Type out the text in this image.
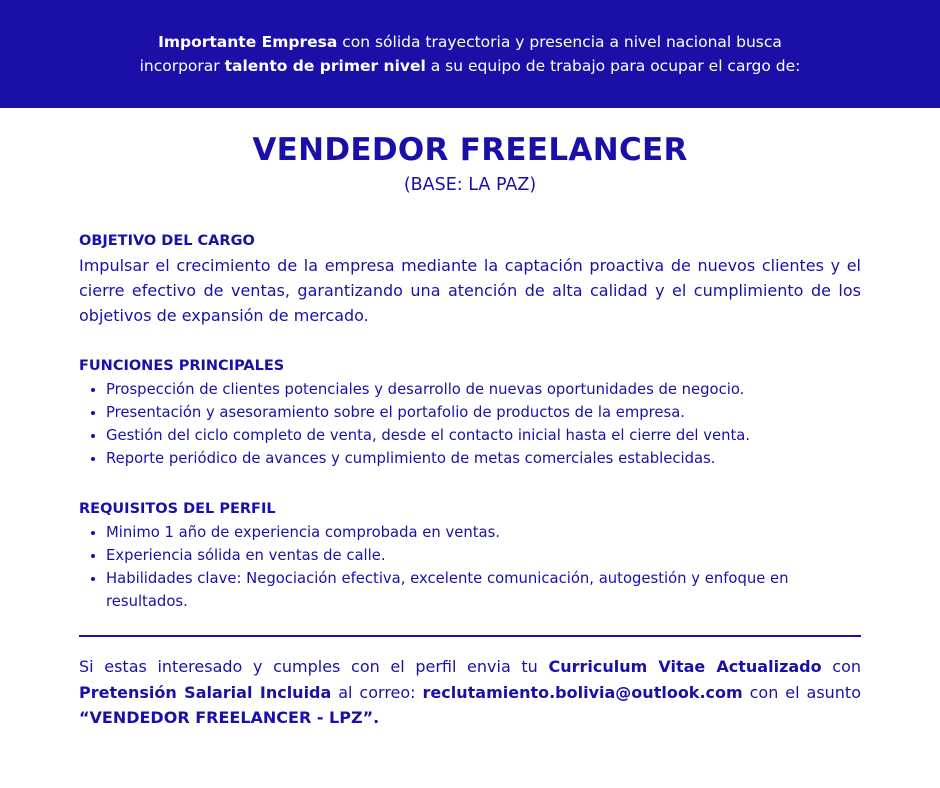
Importante Empresa con sólida trayectoria y presencia a nivel nacional busca
incorporar talento de primer nivel a su equipo de trabajo para ocupar el cargo de:
VENDEDOR FREELANCER
(BASE: LA PAZ)

OBJETIVO DEL CARGO

Impulsar el crecimiento de la empresa mediante la captación proactiva de nuevos clientes y el cierre efectivo de ventas, garantizando una atención de alta calidad y el cumplimiento de los objetivos de expansión de mercado.

FUNCIONES PRINCIPALES

• Prospección de clientes potenciales y desarrollo de nuevas oportunidades de negocio.
• Presentación y asesoramiento sobre el portafolio de productos de la empresa.
• Gestión del ciclo completo de venta, desde el contacto inicial hasta el cierre del venta.
• Reporte periódico de avances y cumplimiento de metas comerciales establecidas.

REQUISITOS DEL PERFIL

• Minimo 1 año de experiencia comprobada en ventas.
• Experiencia sólida en ventas de calle.
• Habilidades clave: Negociación efectiva, excelente comunicación, autogestión y enfoque en resultados.
Si estas interesado y cumples con el perfil envia tu Curriculum Vitae Actualizado con Pretensión Salarial Incluida al correo: reclutamiento.bolivia@outlook.com con el asunto “VENDEDOR FREELANCER - LPZ”.
